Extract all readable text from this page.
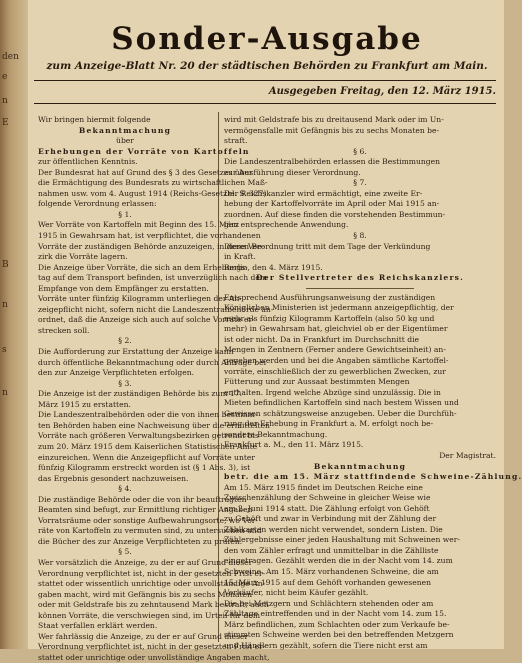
den
e
n
E
B
n
s
n
Sonder-Ausgabe
zum Anzeige-Blatt Nr. 20 der städtischen Behörden zu Frankfurt am Main.
Ausgegeben Freitag, den 12. März 1915.

Wir bringen hiermit folgende

Bekanntmachung

über

Erhebungen der Vorräte von Kartoffeln

zur öffentlichen Kenntnis.

Der Bundesrat hat auf Grund des § 3 des Gesetzes über

die Ermächtigung des Bundesrats zu wirtschaftlichen Maß-

nahmen usw. vom 4. August 1914 (Reichs-Gesetzbl. S. 327)

folgende Verordnung erlassen:

§ 1.

Wer Vorräte von Kartoffeln mit Beginn des 15. März

1915 in Gewahrsam hat, ist verpflichtet, die vorhandenen

Vorräte der zuständigen Behörde anzuzeigen, in deren Be-

zirk die Vorräte lagern.

Die Anzeige über Vorräte, die sich an dem Erhebungs-

tag auf dem Transport befinden, ist unverzüglich nach dem

Empfange von dem Empfänger zu erstatten.

Vorräte unter fünfzig Kilogramm unterliegen der An-

zeigepflicht nicht, sofern nicht die Landeszentralbehörde an-

ordnet, daß die Anzeige sich auch auf solche Vorräte er-

strecken soll.

§ 2.

Die Aufforderung zur Erstattung der Anzeige kann

durch öffentliche Bekanntmachung oder durch Anfrage bei

den zur Anzeige Verpflichteten erfolgen.

§ 3.

Die Anzeige ist der zuständigen Behörde bis zum 17.

März 1915 zu erstatten.

Die Landeszentralbehörden oder die von ihnen bestimm-

ten Behörden haben eine Nachweisung über die ermittelten

Vorräte nach größeren Verwaltungsbezirken getrennt bis

zum 20. März 1915 dem Kaiserlichen Statistischen Amte

einzureichen. Wenn die Anzeigepflicht auf Vorräte unter

fünfzig Kilogramm erstreckt worden ist (§ 1 Abs. 3), ist

das Ergebnis gesondert nachzuweisen.

§ 4.

Die zuständige Behörde oder die von ihr beauftragten

Beamten sind befugt, zur Ermittlung richtiger Angaben

Vorratsräume oder sonstige Aufbewahrungsorte, wo Vor-

räte von Kartoffeln zu vermuten sind, zu untersuchen und

die Bücher des zur Anzeige Verpflichteten zu prüfen.

§ 5.

Wer vorsätzlich die Anzeige, zu der er auf Grund dieser

Verordnung verpflichtet ist, nicht in der gesetzten Frist er-

stattet oder wissentlich unrichtige oder unvollständige An-

gaben macht, wird mit Gefängnis bis zu sechs Monaten

oder mit Geldstrafe bis zu zehntausend Mark bestraft; auch

können Vorräte, die verschwiegen sind, im Urteil für dem

Staat verfallen erklärt werden.

Wer fahrlässig die Anzeige, zu der er auf Grund dieser

Verordnung verpflichtet ist, nicht in der gesetzten Frist er-

stattet oder unrichtige oder unvollständige Angaben macht,

wird mit Geldstrafe bis zu dreitausend Mark oder im Un-

vermögensfalle mit Gefängnis bis zu sechs Monaten be-

straft.

§ 6.

Die Landeszentralbehörden erlassen die Bestimmungen

zur Ausführung dieser Verordnung.

§ 7.

Der Reichskanzler wird ermächtigt, eine zweite Er-

hebung der Kartoffelvorräte im April oder Mai 1915 an-

zuordnen. Auf diese finden die vorstehenden Bestimmun-

gen entsprechende Anwendung.

§ 8.

Diese Verordnung tritt mit dem Tage der Verkündung

in Kraft.

Berlin, den 4. März 1915.

Der Stellvertreter des Reichskanzlers.

Entsprechend Ausführungsanweisung der zuständigen

Königlichen Ministerien ist jedermann anzeigepflichtig, der

mehr als fünfzig Kilogramm Kartoffeln (also 50 kg und

mehr) in Gewahrsam hat, gleichviel ob er der Eigentümer

ist oder nicht. Da in Frankfurt im Durchschnitt die

Mengen in Zentnern (Ferner andere Gewichtseinheit) an-

gegeben werden und bei die Angaben sämtliche Kartoffel-

vorräte, einschließlich der zu gewerblichen Zwecken, zur

Fütterung und zur Aussaat bestimmten Mengen

enthalten. Irgend welche Abzüge sind unzulässig. Die in

Mieten befindlichen Kartoffeln sind nach bestem Wissen und

Gewissen schätzungsweise anzugeben. Ueber die Durchfüh-

rung der Erhebung in Frankfurt a. M. erfolgt noch be-

sondere Bekanntmachung.

Frankfurt a. M., den 11. März 1915.

Der Magistrat.

Bekanntmachung

betr. die am 15. März stattfindende Schweine-Zählung.

Am 15. März 1915 findet im Deutschen Reiche eine

Zwischenzählung der Schweine in gleicher Weise wie

am 2. Juni 1914 statt. Die Zählung erfolgt von Gehöft

zu Gehöft und zwar in Verbindung mit der Zählung der

Zählkarten werden nicht verwendet, sondern Listen. Die

Zählergebnisse einer jeden Haushaltung mit Schweinen wer-

den vom Zähler erfragt und unmittelbar in die Zählliste

eingetragen. Gezählt werden die in der Nacht vom 14. zum

Schweine. Am 15. März vorhandenen Schweine, die am

15. März 1915 auf dem Gehöft vorhanden gewesenen

Verkäufer, nicht beim Käufer gezählt.

Die bei Metzgern und Schlächtern stehenden oder am

Zähltage eintreffenden und in der Nacht vom 14. zum 15.

März befindlichen, zum Schlachten oder zum Verkaufe be-

stimmten Schweine werden bei den betreffenden Metzgern

und Händlern gezählt, sofern die Tiere nicht erst am
